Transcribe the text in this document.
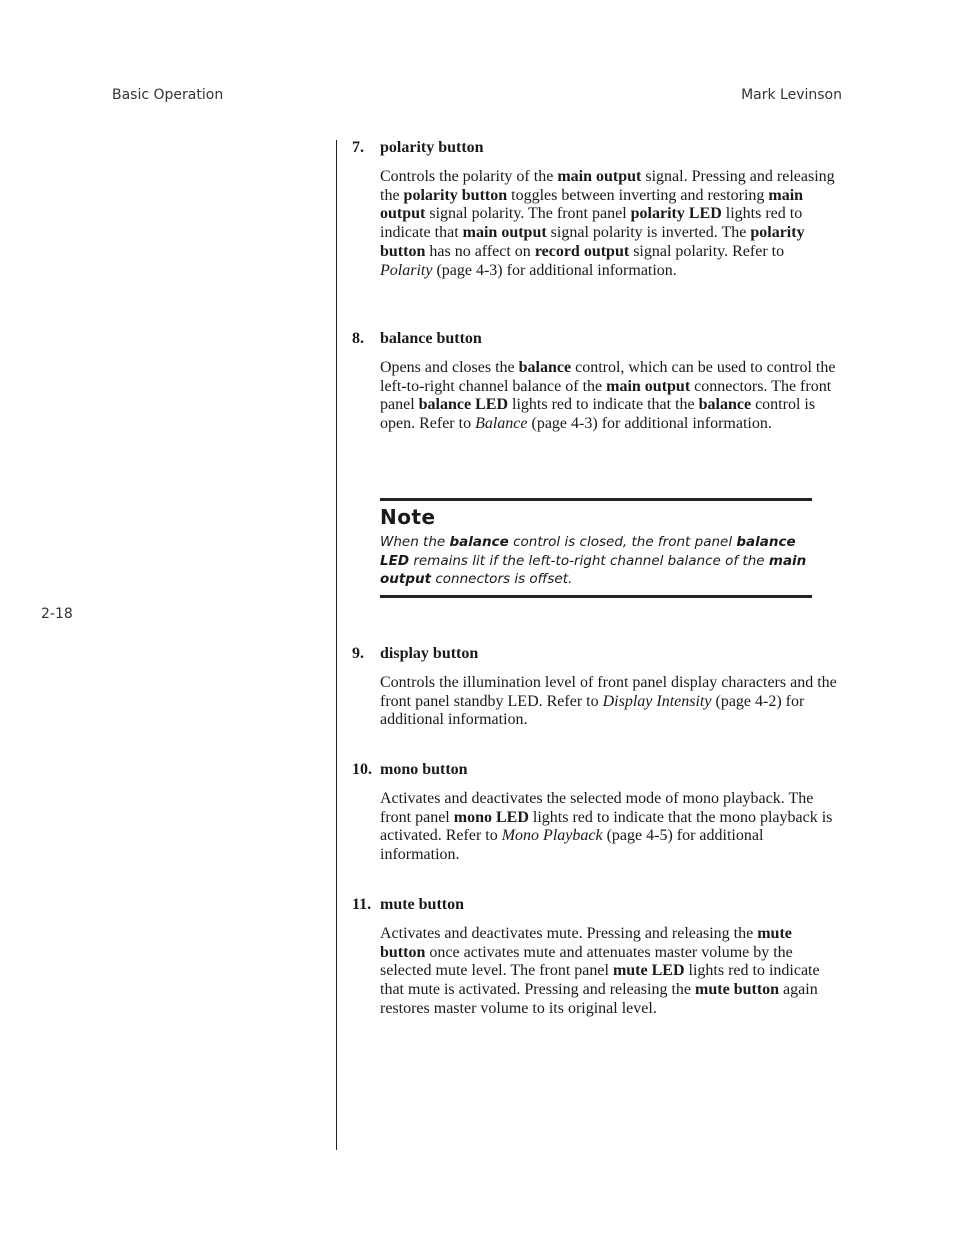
Basic Operation	Mark Levinson
2-18

7. polarity button

Controls the polarity of the main output signal. Pressing and releasing the polarity button toggles between inverting and restoring main output signal polarity. The front panel polarity LED lights red to indicate that main output signal polarity is inverted. The polarity button has no affect on record output signal polarity. Refer to Polarity (page 4-3) for additional information.

8. balance button

Opens and closes the balance control, which can be used to control the left-to-right channel balance of the main output connectors. The front panel balance LED lights red to indicate that the balance control is open. Refer to Balance (page 4-3) for additional information.

Note

When the balance control is closed, the front panel balance LED remains lit if the left-to-right channel balance of the main output connectors is offset.

9. display button

Controls the illumination level of front panel display characters and the front panel standby LED. Refer to Display Intensity (page 4-2) for additional information.

10. mono button

Activates and deactivates the selected mode of mono playback. The front panel mono LED lights red to indicate that the mono playback is activated. Refer to Mono Playback (page 4-5) for additional information.

11. mute button

Activates and deactivates mute. Pressing and releasing the mute button once activates mute and attenuates master volume by the selected mute level. The front panel mute LED lights red to indicate that mute is activated. Pressing and releasing the mute button again restores master volume to its original level.
